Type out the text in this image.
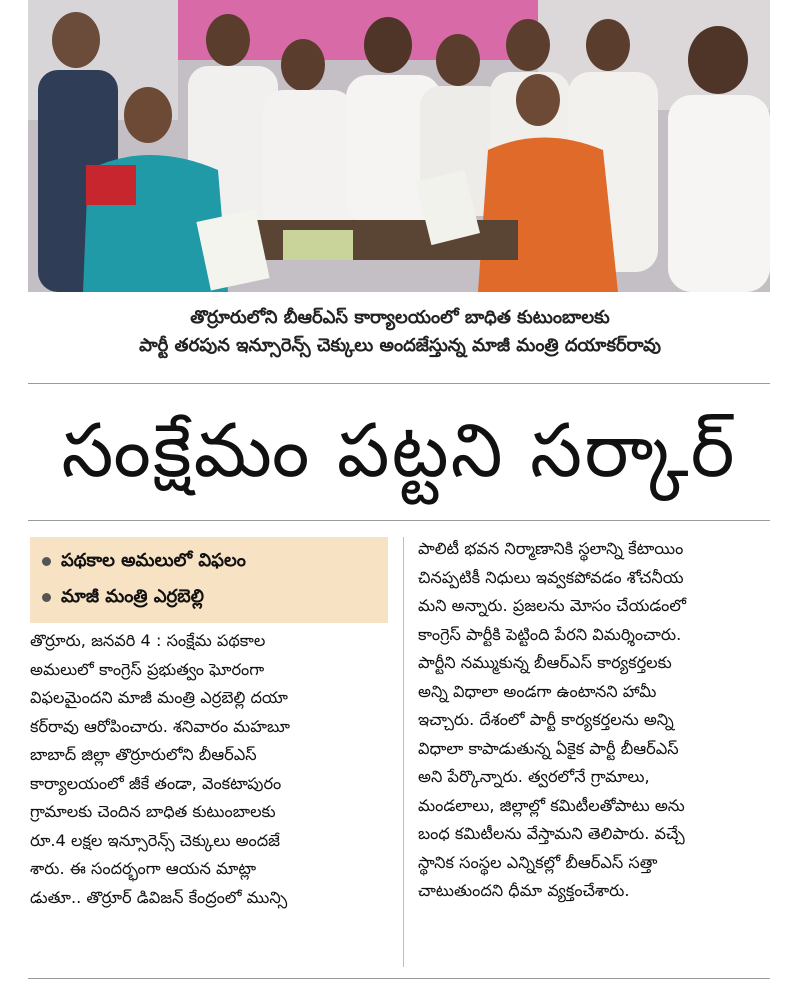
తొర్రూరులోని బీఆర్‌ఎస్ కార్యాలయంలో బాధిత కుటుంబాలకు
పార్టీ తరపున ఇన్సూరెన్స్ చెక్కులు అందజేస్తున్న మాజీ మంత్రి దయాకర్‌రావు
సంక్షేమం పట్టని సర్కార్
పథకాల అమలులో విఫలం
మాజీ మంత్రి ఎర్రబెల్లి
తొర్రూరు, జనవరి 4 : సంక్షేమ పథకాల
అమలులో కాంగ్రెస్ ప్రభుత్వం ఘోరంగా
విఫలమైందని మాజీ మంత్రి ఎర్రబెల్లి దయా
కర్‌రావు ఆరోపించారు. శనివారం మహబూ
బాబాద్ జిల్లా తొర్రూరులోని బీఆర్‌ఎస్
కార్యాలయంలో జీకే తండా, వెంకటాపురం
గ్రామాలకు చెందిన బాధిత కుటుంబాలకు
రూ.4 లక్షల ఇన్సూరెన్స్ చెక్కులు అందజే
శారు. ఈ సందర్భంగా ఆయన మాట్లా
డుతూ.. తొర్రూర్ డివిజన్ కేంద్రంలో మున్సి
పాలిటీ భవన నిర్మాణానికి స్థలాన్ని కేటాయిం
చినప్పటికీ నిధులు ఇవ్వకపోవడం శోచనీయ
మని అన్నారు. ప్రజలను మోసం చేయడంలో
కాంగ్రెస్ పార్టీకి పెట్టింది పేరని విమర్శించారు.
పార్టీని నమ్ముకున్న బీఆర్‌ఎస్ కార్యకర్తలకు
అన్ని విధాలా అండగా ఉంటానని హామీ
ఇచ్చారు. దేశంలో పార్టీ కార్యకర్తలను అన్ని
విధాలా కాపాడుతున్న ఏకైక పార్టీ బీఆర్‌ఎస్
అని పేర్కొన్నారు. త్వరలోనే గ్రామాలు,
మండలాలు, జిల్లాల్లో కమిటీలతోపాటు అను
బంధ కమిటీలను వేస్తామని తెలిపారు. వచ్చే
స్థానిక సంస్థల ఎన్నికల్లో బీఆర్‌ఎస్ సత్తా
చాటుతుందని ధీమా వ్యక్తంచేశారు.
